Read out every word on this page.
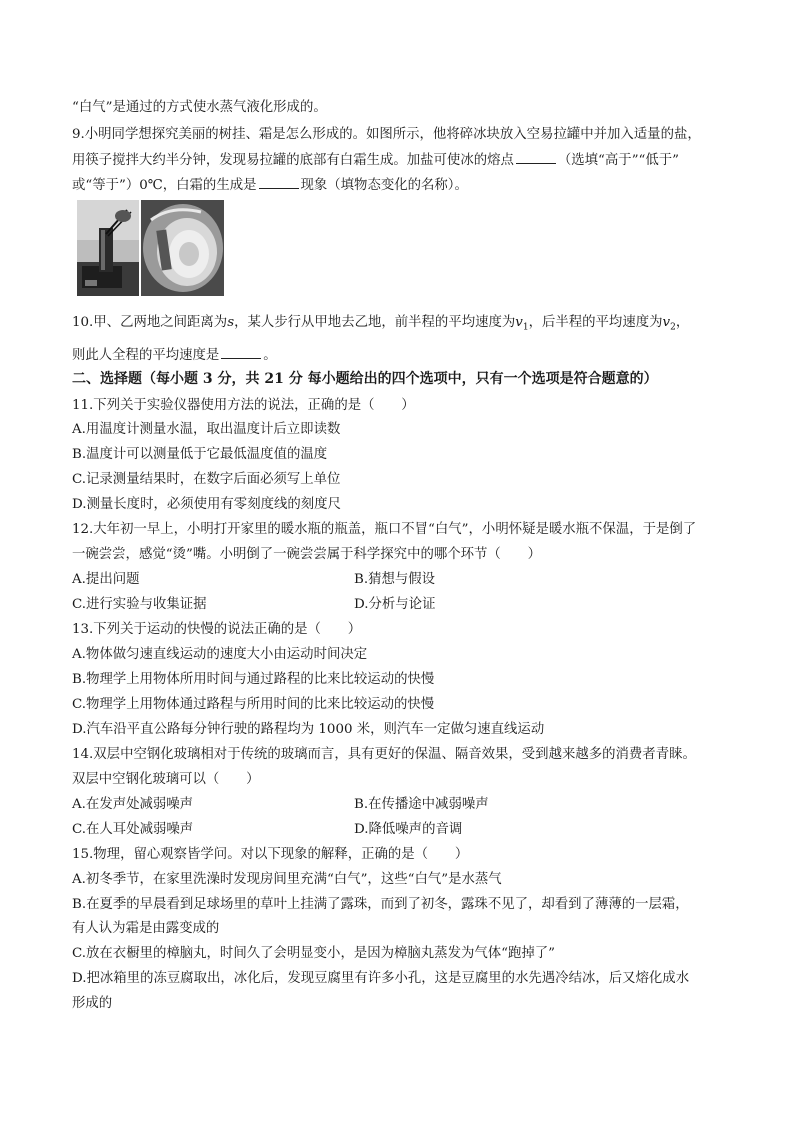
“白气”是通过的方式使水蒸气液化形成的。
9.小明同学想探究美丽的树挂、霜是怎么形成的。如图所示，他将碎冰块放入空易拉罐中并加入适量的盐，
用筷子搅拌大约半分钟，发现易拉罐的底部有白霜生成。加盐可使冰的熔点	（选填“高于”“低于”
或“等于”）0℃，白霜的生成是	现象（填物态变化的名称）。
10.甲、乙两地之间距离为s，某人步行从甲地去乙地，前半程的平均速度为$v_1$，后半程的平均速度为$v_2$，
则此人全程的平均速度是	。
二、选择题（每小题 3 分，共 21 分 每小题给出的四个选项中，只有一个选项是符合题意的）
11.下列关于实验仪器使用方法的说法，正确的是（　　）
A.用温度计测量水温，取出温度计后立即读数
B.温度计可以测量低于它最低温度值的温度
C.记录测量结果时，在数字后面必须写上单位
D.测量长度时，必须使用有零刻度线的刻度尺
12.大年初一早上，小明打开家里的暖水瓶的瓶盖，瓶口不冒“白气”，小明怀疑是暖水瓶不保温，于是倒了
一碗尝尝，感觉“烫”嘴。小明倒了一碗尝尝属于科学探究中的哪个环节（　　）
A.提出问题	B.猜想与假设
C.进行实验与收集证据	D.分析与论证
13.下列关于运动的快慢的说法正确的是（　　）
A.物体做匀速直线运动的速度大小由运动时间决定
B.物理学上用物体所用时间与通过路程的比来比较运动的快慢
C.物理学上用物体通过路程与所用时间的比来比较运动的快慢
D.汽车沿平直公路每分钟行驶的路程均为 1000 米，则汽车一定做匀速直线运动
14.双层中空钢化玻璃相对于传统的玻璃而言，具有更好的保温、隔音效果，受到越来越多的消费者青睐。
双层中空钢化玻璃可以（　　）
A.在发声处减弱噪声	B.在传播途中减弱噪声
C.在人耳处减弱噪声	D.降低噪声的音调
15.物理，留心观察皆学问。对以下现象的解释，正确的是（　　）
A.初冬季节，在家里洗澡时发现房间里充满“白气”，这些“白气”是水蒸气
B.在夏季的早晨看到足球场里的草叶上挂满了露珠，而到了初冬，露珠不见了，却看到了薄薄的一层霜，
有人认为霜是由露变成的
C.放在衣橱里的樟脑丸，时间久了会明显变小，是因为樟脑丸蒸发为气体“跑掉了”
D.把冰箱里的冻豆腐取出，冰化后，发现豆腐里有许多小孔，这是豆腐里的水先遇冷结冰，后又熔化成水
形成的
